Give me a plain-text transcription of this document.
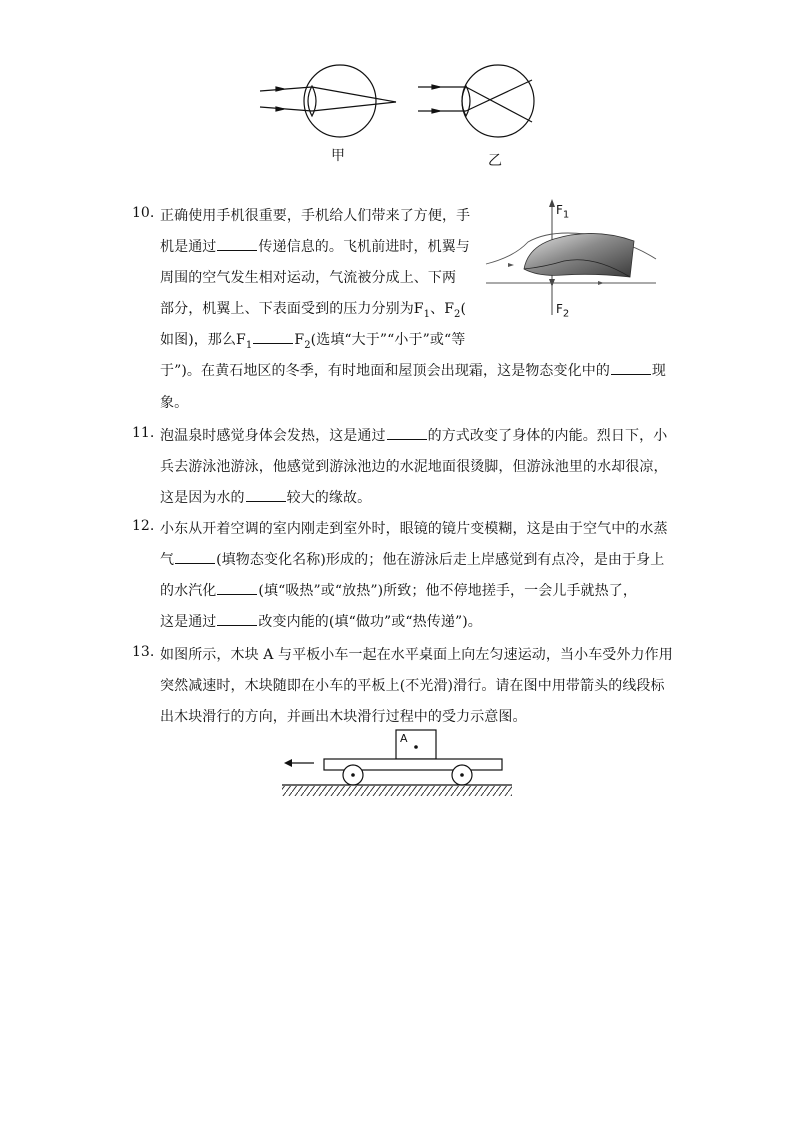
甲	乙
10. 正确使用手机很重要，手机给人们带来了方便，手
机是通过	传递信息的。飞机前进时，机翼与
周围的空气发生相对运动，气流被分成上、下两
部分，机翼上、下表面受到的压力分别为$F_1$、$F_2$(
如图)，那么$F_1$	$F_2$(选填“大于”“小于”或“等
于”)。在黄石地区的冬季，有时地面和屋顶会出现霜，这是物态变化中的	现
象。
$F_1$
$F_2$
11. 泡温泉时感觉身体会发热，这是通过	的方式改变了身体的内能。烈日下，小
兵去游泳池游泳，他感觉到游泳池边的水泥地面很烫脚，但游泳池里的水却很凉，
这是因为水的	较大的缘故。
12. 小东从开着空调的室内刚走到室外时，眼镜的镜片变模糊，这是由于空气中的水蒸
气	(填物态变化名称)形成的；他在游泳后走上岸感觉到有点冷，是由于身上
的水汽化	(填“吸热”或“放热”)所致；他不停地搓手，一会儿手就热了，
这是通过	改变内能的(填“做功”或“热传递”)。
13. 如图所示，木块 A 与平板小车一起在水平桌面上向左匀速运动，当小车受外力作用
突然减速时，木块随即在小车的平板上(不光滑)滑行。请在图中用带箭头的线段标
出木块滑行的方向，并画出木块滑行过程中的受力示意图。
A
